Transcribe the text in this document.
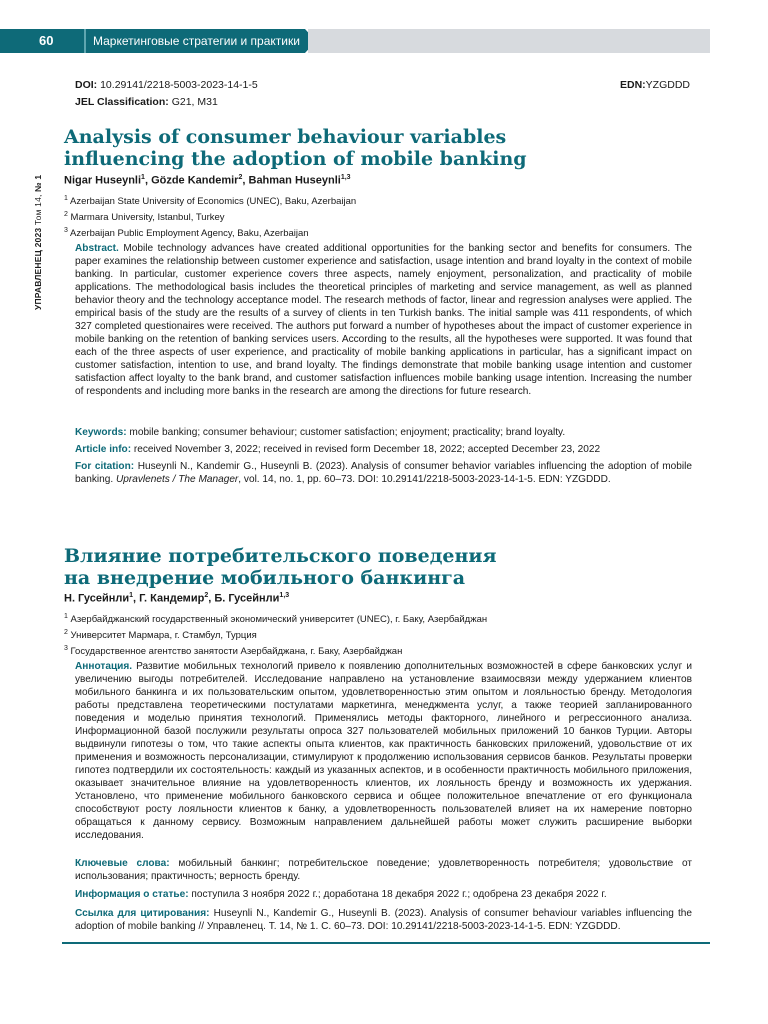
60	Маркетинговые стратегии и практики
УПРАВЛЕНЕЦ 2023 Том 14, № 1
DOI: 10.29141/2218-5003-2023-14-1-5	EDN:YZGDDD
JEL Classification: G21, M31
Analysis of consumer behaviour variables
influencing the adoption of mobile banking
Nigar Huseynli$^1$, Gözde Kandemir$^2$, Bahman Huseynli$^{1,3}$
$^1$ Azerbaijan State University of Economics (UNEC), Baku, Azerbaijan
$^2$ Marmara University, Istanbul, Turkey
$^3$ Azerbaijan Public Employment Agency, Baku, Azerbaijan
Abstract. Mobile technology advances have created additional opportunities for the banking sector and benefits for consumers. The paper examines the relationship between customer experience and satisfaction, usage intention and brand loyalty in the context of mobile banking. In particular, customer experience covers three aspects, namely enjoyment, personalization, and practicality of mobile applications. The methodological basis includes the theoretical principles of marketing and service management, as well as planned behavior theory and the technology acceptance model. The research methods of factor, linear and regression analyses were applied. The empirical basis of the study are the results of a survey of clients in ten Turkish banks. The initial sample was 411 respondents, of which 327 completed questionaires were received. The authors put forward a number of hypotheses about the impact of customer experience in mobile banking on the retention of banking services users. According to the results, all the hypotheses were supported. It was found that each of the three aspects of user experience, and practicality of mobile banking applications in particular, has a significant impact on customer satisfaction, intention to use, and brand loyalty. The findings demonstrate that mobile banking usage intention and customer satisfaction affect loyalty to the bank brand, and customer satisfaction influences mobile banking usage intention. Increasing the number of respondents and including more banks in the research are among the directions for future research.
Keywords: mobile banking; consumer behaviour; customer satisfaction; enjoyment; practicality; brand loyalty.
Article info: received November 3, 2022; received in revised form December 18, 2022; accepted December 23, 2022
For citation: Huseynli N., Kandemir G., Huseynli B. (2023). Analysis of consumer behavior variables influencing the adoption of mobile banking. Upravlenets / The Manager, vol. 14, no. 1, pp. 60–73. DOI: 10.29141/2218-5003-2023-14-1-5. EDN: YZGDDD.
Влияние потребительского поведения
на внедрение мобильного банкинга
Н. Гусейнли$^1$, Г. Кандемир$^2$, Б. Гусейнли$^{1,3}$
$^1$ Азербайджанский государственный экономический университет (UNEC), г. Баку, Азербайджан
$^2$ Университет Мармара, г. Стамбул, Турция
$^3$ Государственное агентство занятости Азербайджана, г. Баку, Азербайджан
Аннотация. Развитие мобильных технологий привело к появлению дополнительных возможностей в сфере банковских услуг и увеличению выгоды потребителей. Исследование направлено на установление взаимосвязи между удержанием клиентов мобильного банкинга и их пользовательским опытом, удовлетворенностью этим опытом и лояльностью бренду. Методология работы представлена теоретическими постулатами маркетинга, менеджмента услуг, а также теорией запланированного поведения и моделью принятия технологий. Применялись методы факторного, линейного и регрессионного анализа. Информационной базой послужили результаты опроса 327 пользователей мобильных приложений 10 банков Турции. Авторы выдвинули гипотезы о том, что такие аспекты опыта клиентов, как практичность банковских приложений, удовольствие от их применения и возможность персонализации, стимулируют к продолжению использования сервисов банков. Результаты проверки гипотез подтвердили их состоятельность: каждый из указанных аспектов, и в особенности практичность мобильного приложения, оказывает значительное влияние на удовлетворенность клиентов, их лояльность бренду и возможность их удержания. Установлено, что применение мобильного банковского сервиса и общее положительное впечатление от его функционала способствуют росту лояльности клиентов к банку, а удовлетворенность пользователей влияет на их намерение повторно обращаться к данному сервису. Возможным направлением дальнейшей работы может служить расширение выборки исследования.
Ключевые слова: мобильный банкинг; потребительское поведение; удовлетворенность потребителя; удовольствие от использования; практичность; верность бренду.
Информация о статье: поступила 3 ноября 2022 г.; доработана 18 декабря 2022 г.; одобрена 23 декабря 2022 г.
Ссылка для цитирования: Huseynli N., Kandemir G., Huseynli B. (2023). Analysis of consumer behaviour variables influencing the adoption of mobile banking // Управленец. Т. 14, № 1. С. 60–73. DOI: 10.29141/2218-5003-2023-14-1-5. EDN: YZGDDD.
